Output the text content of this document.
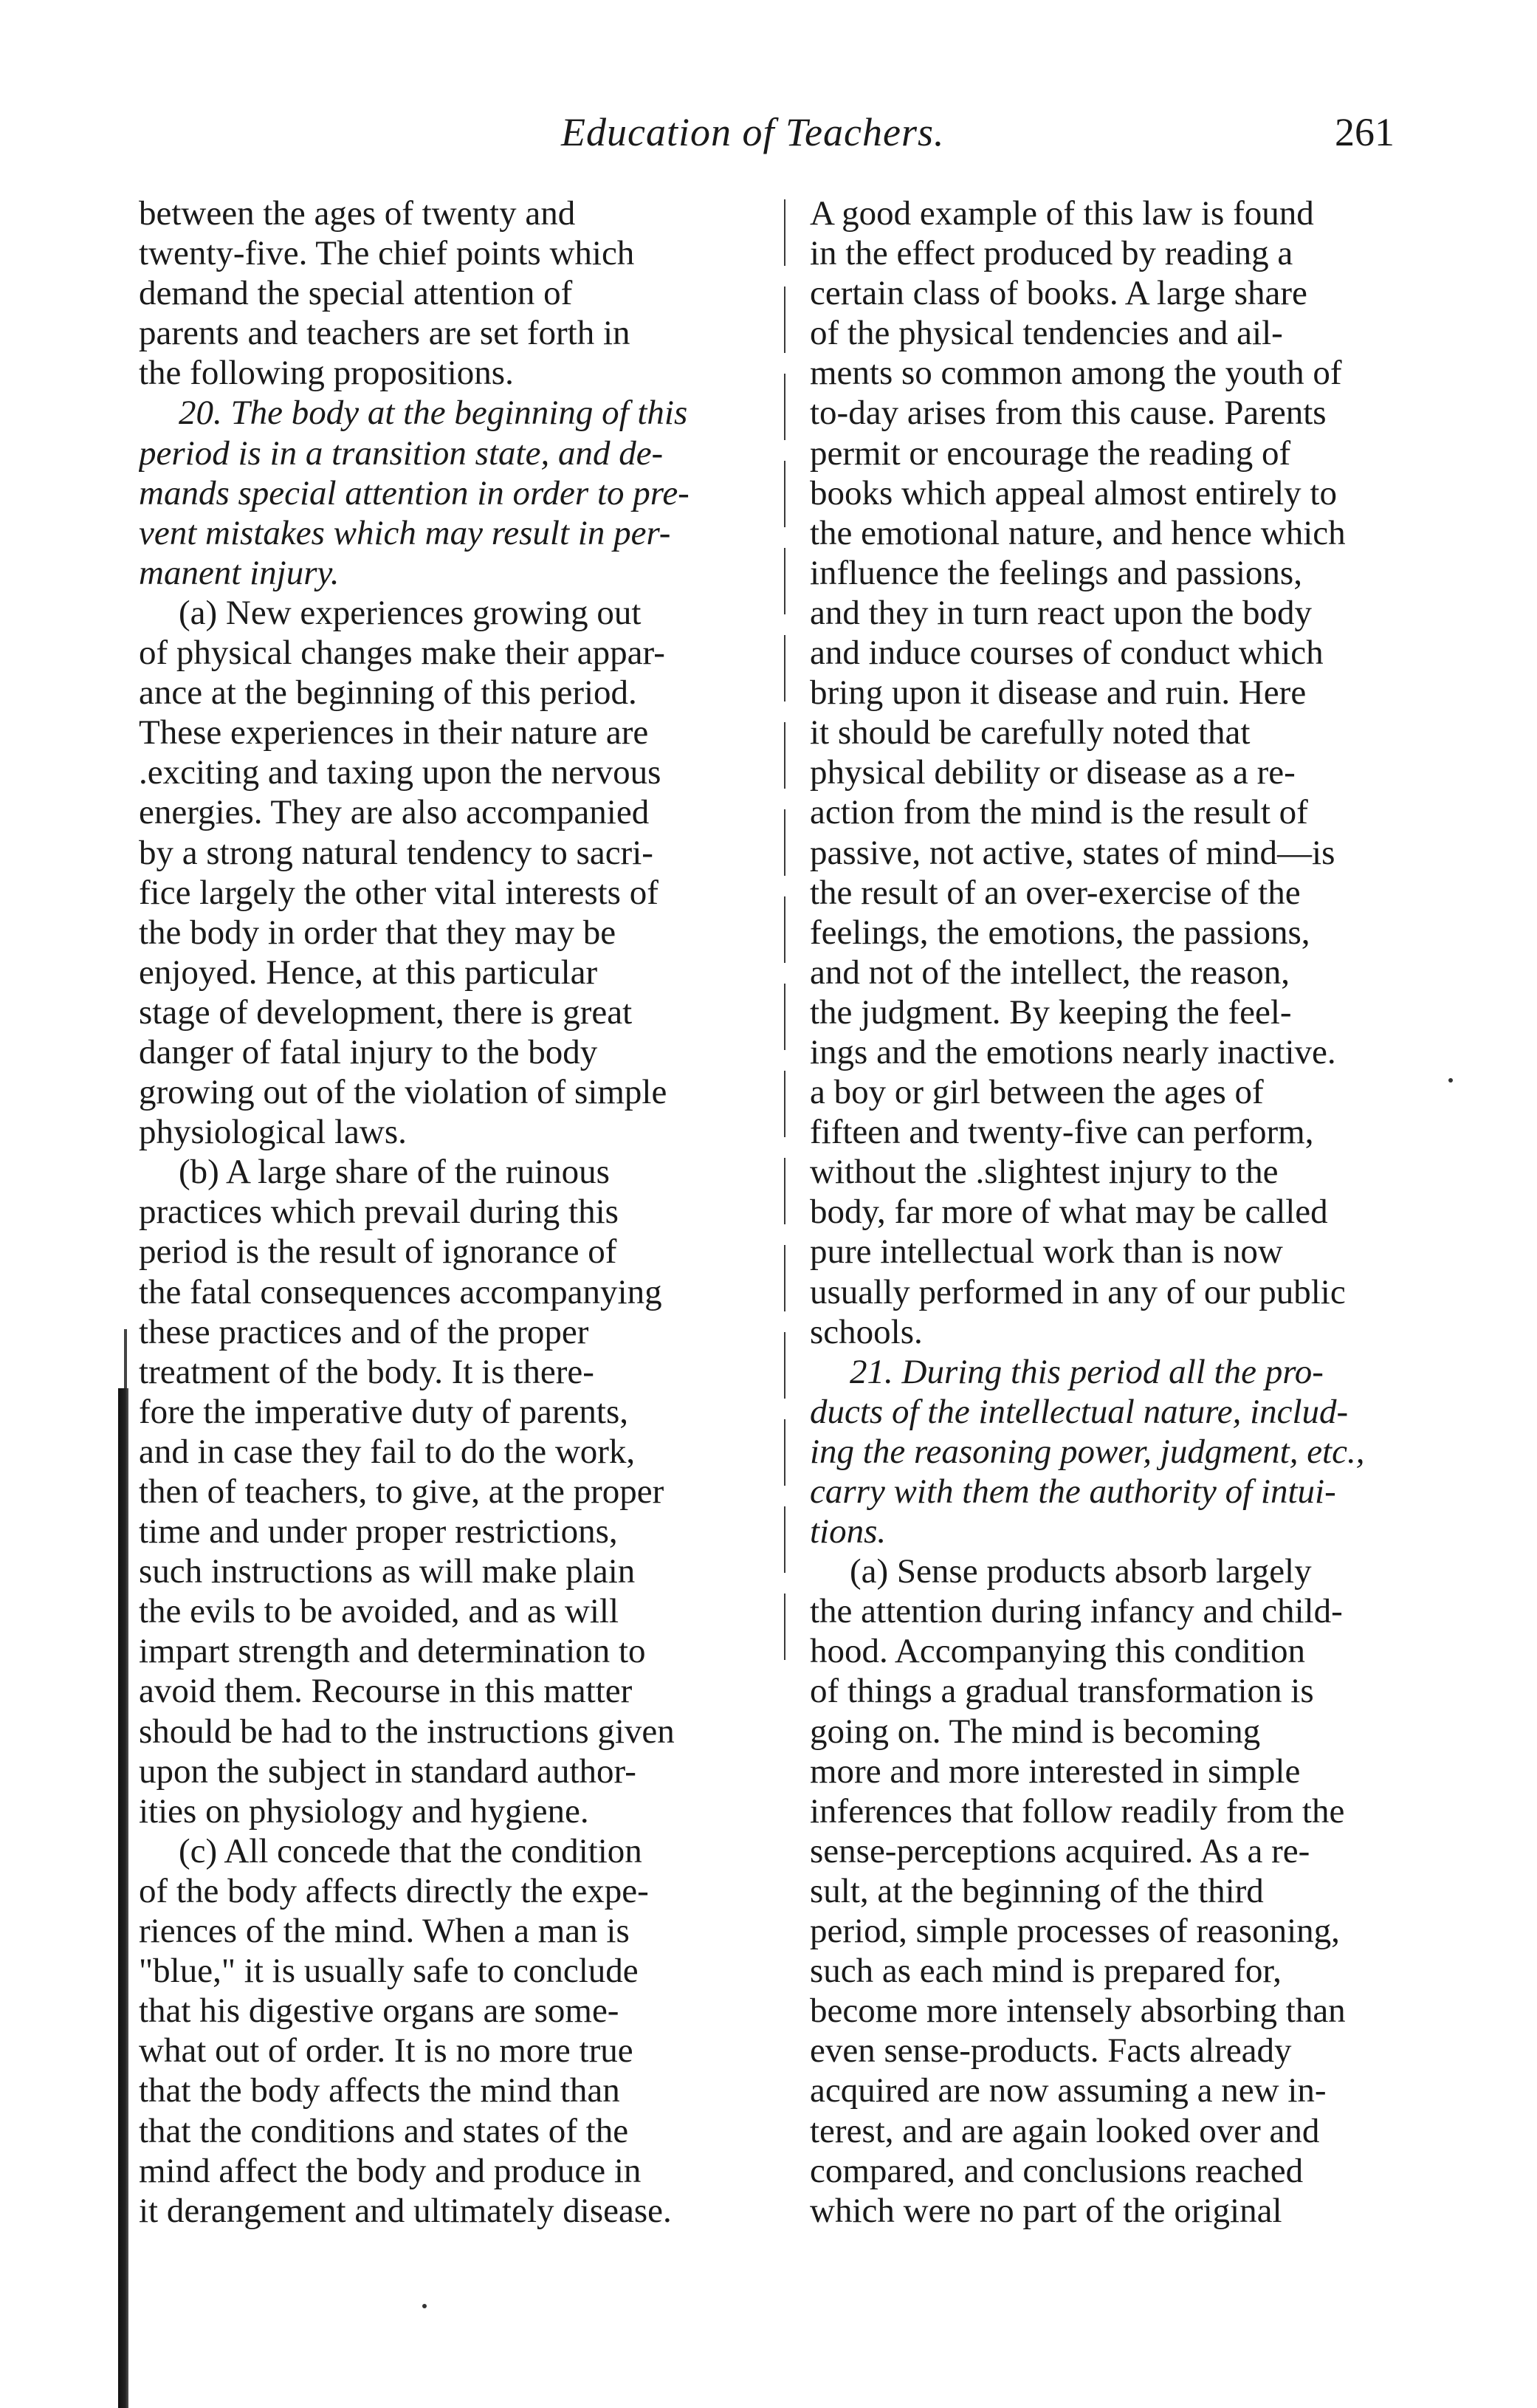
Education of Teachers.	261
between the ages of twenty and
twenty-five. The chief points which
demand the special attention of
parents and teachers are set forth in
the following propositions.
20. The body at the beginning of this
period is in a transition state, and de-
mands special attention in order to pre-
vent mistakes which may result in per-
manent injury.
(a) New experiences growing out
of physical changes make their appar-
ance at the beginning of this period.
These experiences in their nature are
.exciting and taxing upon the nervous
energies. They are also accompanied
by a strong natural tendency to sacri-
fice largely the other vital interests of
the body in order that they may be
enjoyed. Hence, at this particular
stage of development, there is great
danger of fatal injury to the body
growing out of the violation of simple
physiological laws.
(b) A large share of the ruinous
practices which prevail during this
period is the result of ignorance of
the fatal consequences accompanying
these practices and of the proper
treatment of the body. It is there-
fore the imperative duty of parents,
and in case they fail to do the work,
then of teachers, to give, at the proper
time and under proper restrictions,
such instructions as will make plain
the evils to be avoided, and as will
impart strength and determination to
avoid them. Recourse in this matter
should be had to the instructions given
upon the subject in standard author-
ities on physiology and hygiene.
(c) All concede that the condition
of the body affects directly the expe-
riences of the mind. When a man is
"blue," it is usually safe to conclude
that his digestive organs are some-
what out of order. It is no more true
that the body affects the mind than
that the conditions and states of the
mind affect the body and produce in
it derangement and ultimately disease.
A good example of this law is found
in the effect produced by reading a
certain class of books. A large share
of the physical tendencies and ail-
ments so common among the youth of
to-day arises from this cause. Parents
permit or encourage the reading of
books which appeal almost entirely to
the emotional nature, and hence which
influence the feelings and passions,
and they in turn react upon the body
and induce courses of conduct which
bring upon it disease and ruin. Here
it should be carefully noted that
physical debility or disease as a re-
action from the mind is the result of
passive, not active, states of mind—is
the result of an over-exercise of the
feelings, the emotions, the passions,
and not of the intellect, the reason,
the judgment. By keeping the feel-
ings and the emotions nearly inactive.
a boy or girl between the ages of
fifteen and twenty-five can perform,
without the .slightest injury to the
body, far more of what may be called
pure intellectual work than is now
usually performed in any of our public
schools.
21. During this period all the pro-
ducts of the intellectual nature, includ-
ing the reasoning power, judgment, etc.,
carry with them the authority of intui-
tions.
(a) Sense products absorb largely
the attention during infancy and child-
hood. Accompanying this condition
of things a gradual transformation is
going on. The mind is becoming
more and more interested in simple
inferences that follow readily from the
sense-perceptions acquired. As a re-
sult, at the beginning of the third
period, simple processes of reasoning,
such as each mind is prepared for,
become more intensely absorbing than
even sense-products. Facts already
acquired are now assuming a new in-
terest, and are again looked over and
compared, and conclusions reached
which were no part of the original
